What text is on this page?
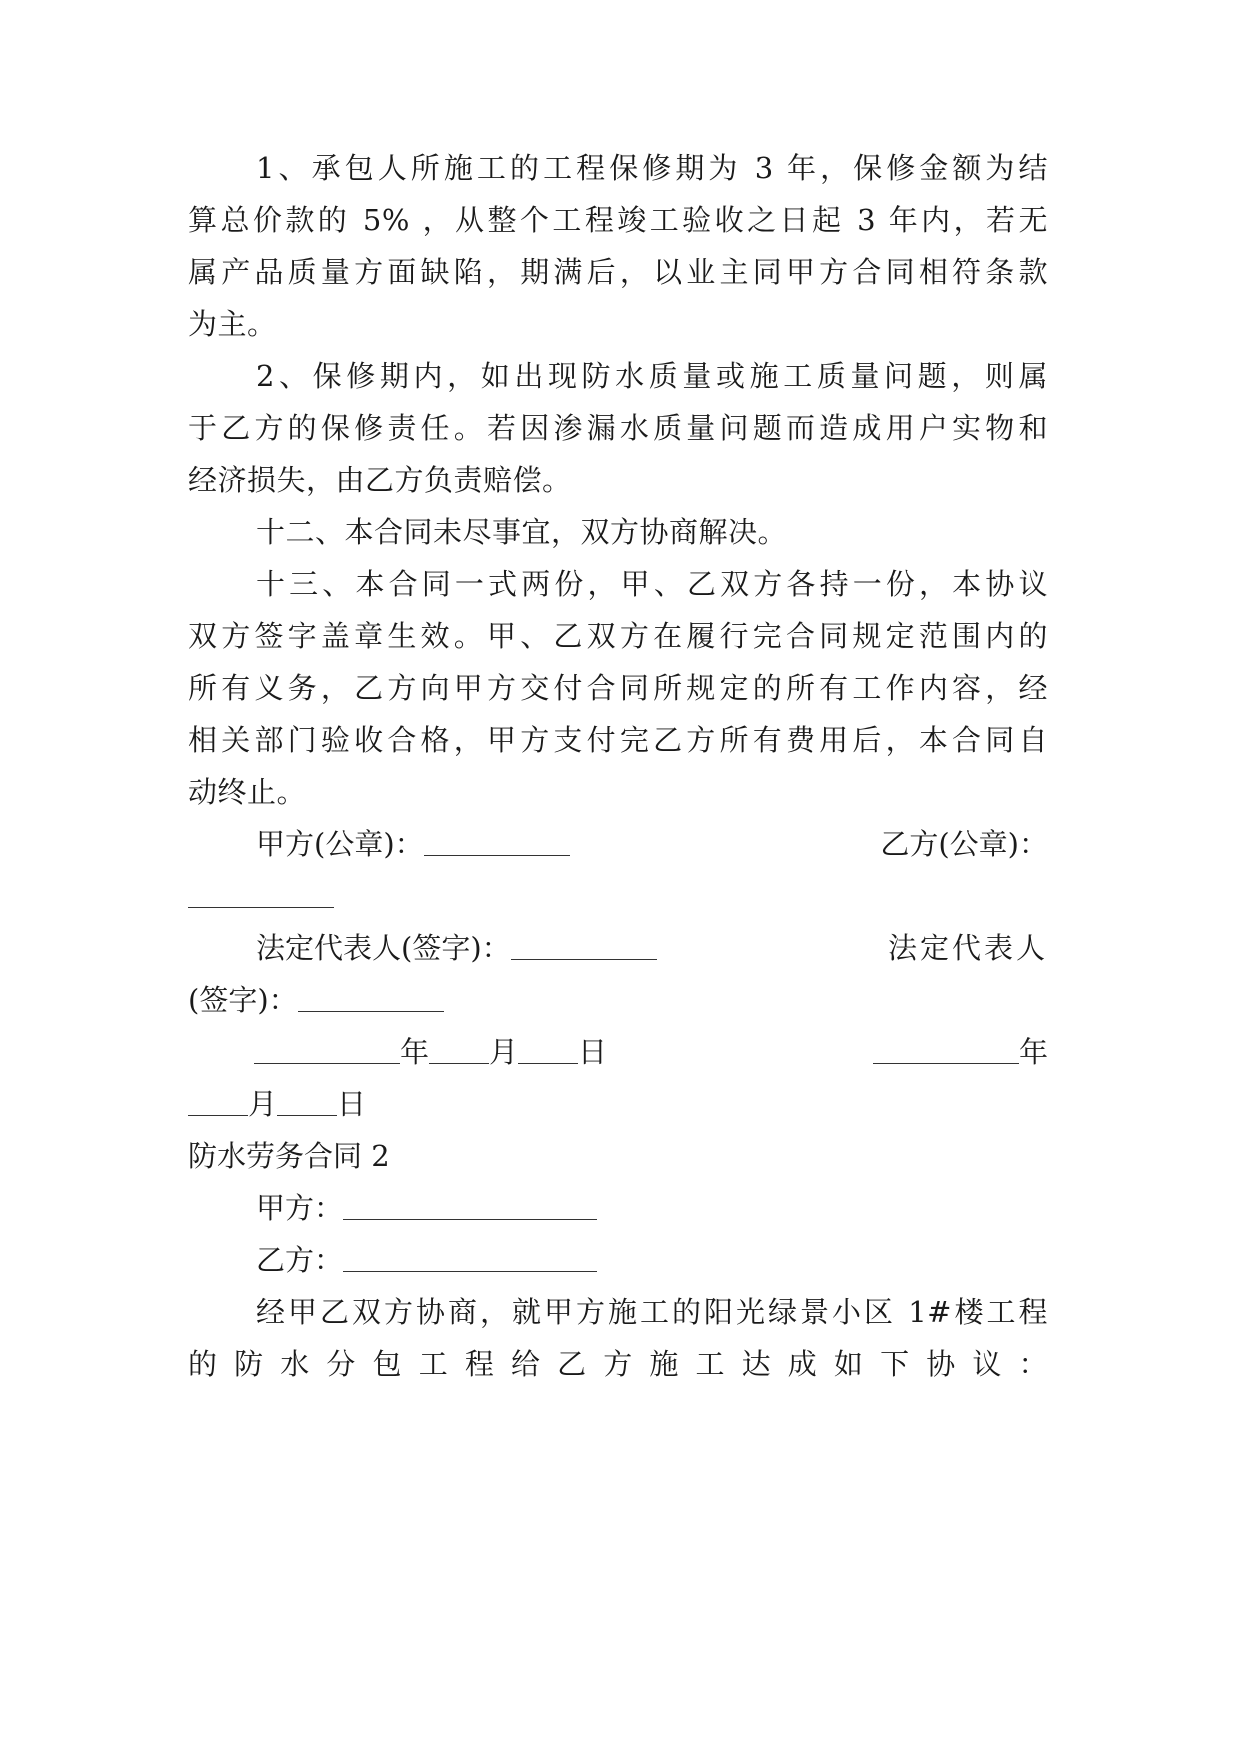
1、承包人所施工的工程保修期为 3 年，保修金额为结
算总价款的 5% ，从整个工程竣工验收之日起 3 年内，若无
属产品质量方面缺陷，期满后，以业主同甲方合同相符条款
为主。
2、保修期内，如出现防水质量或施工质量问题，则属
于乙方的保修责任。若因渗漏水质量问题而造成用户实物和
经济损失，由乙方负责赔偿。
十二、本合同未尽事宜，双方协商解决。
十三、本合同一式两份，甲、乙双方各持一份，本协议
双方签字盖章生效。甲、乙双方在履行完合同规定范围内的
所有义务，乙方向甲方交付合同所规定的所有工作内容，经
相关部门验收合格，甲方支付完乙方所有费用后，本合同自
动终止。
甲方(公章)：	乙方(公章)：
法定代表人(签字)：	法定代表人
(签字)：
年 月 日	年
月 日
防水劳务合同 2
甲方：
乙方：
经甲乙双方协商，就甲方施工的阳光绿景小区 1#楼工程
的防水分包工程给乙方施工达成如下协议：
